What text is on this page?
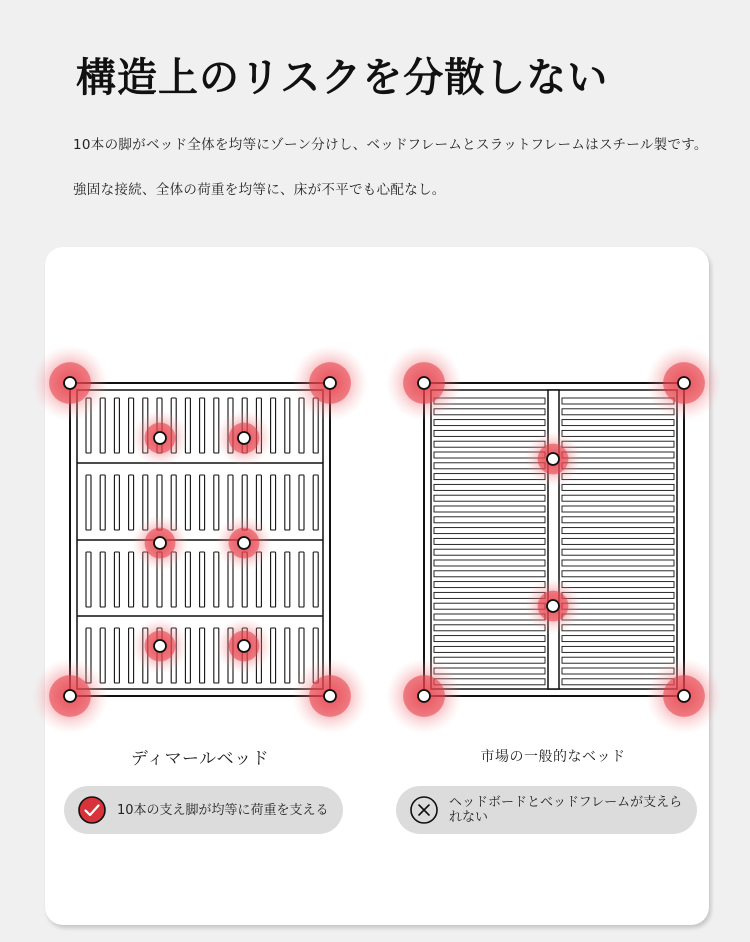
構造上のリスクを分散しない
10本の脚がベッド全体を均等にゾーン分けし、ベッドフレームとスラットフレームはスチール製です。
強固な接続、全体の荷重を均等に、床が不平でも心配なし。
ディマールベッド	市場の一般的なベッド
10本の支え脚が均等に荷重を支える	ヘッドボードとベッドフレームが支えられない
